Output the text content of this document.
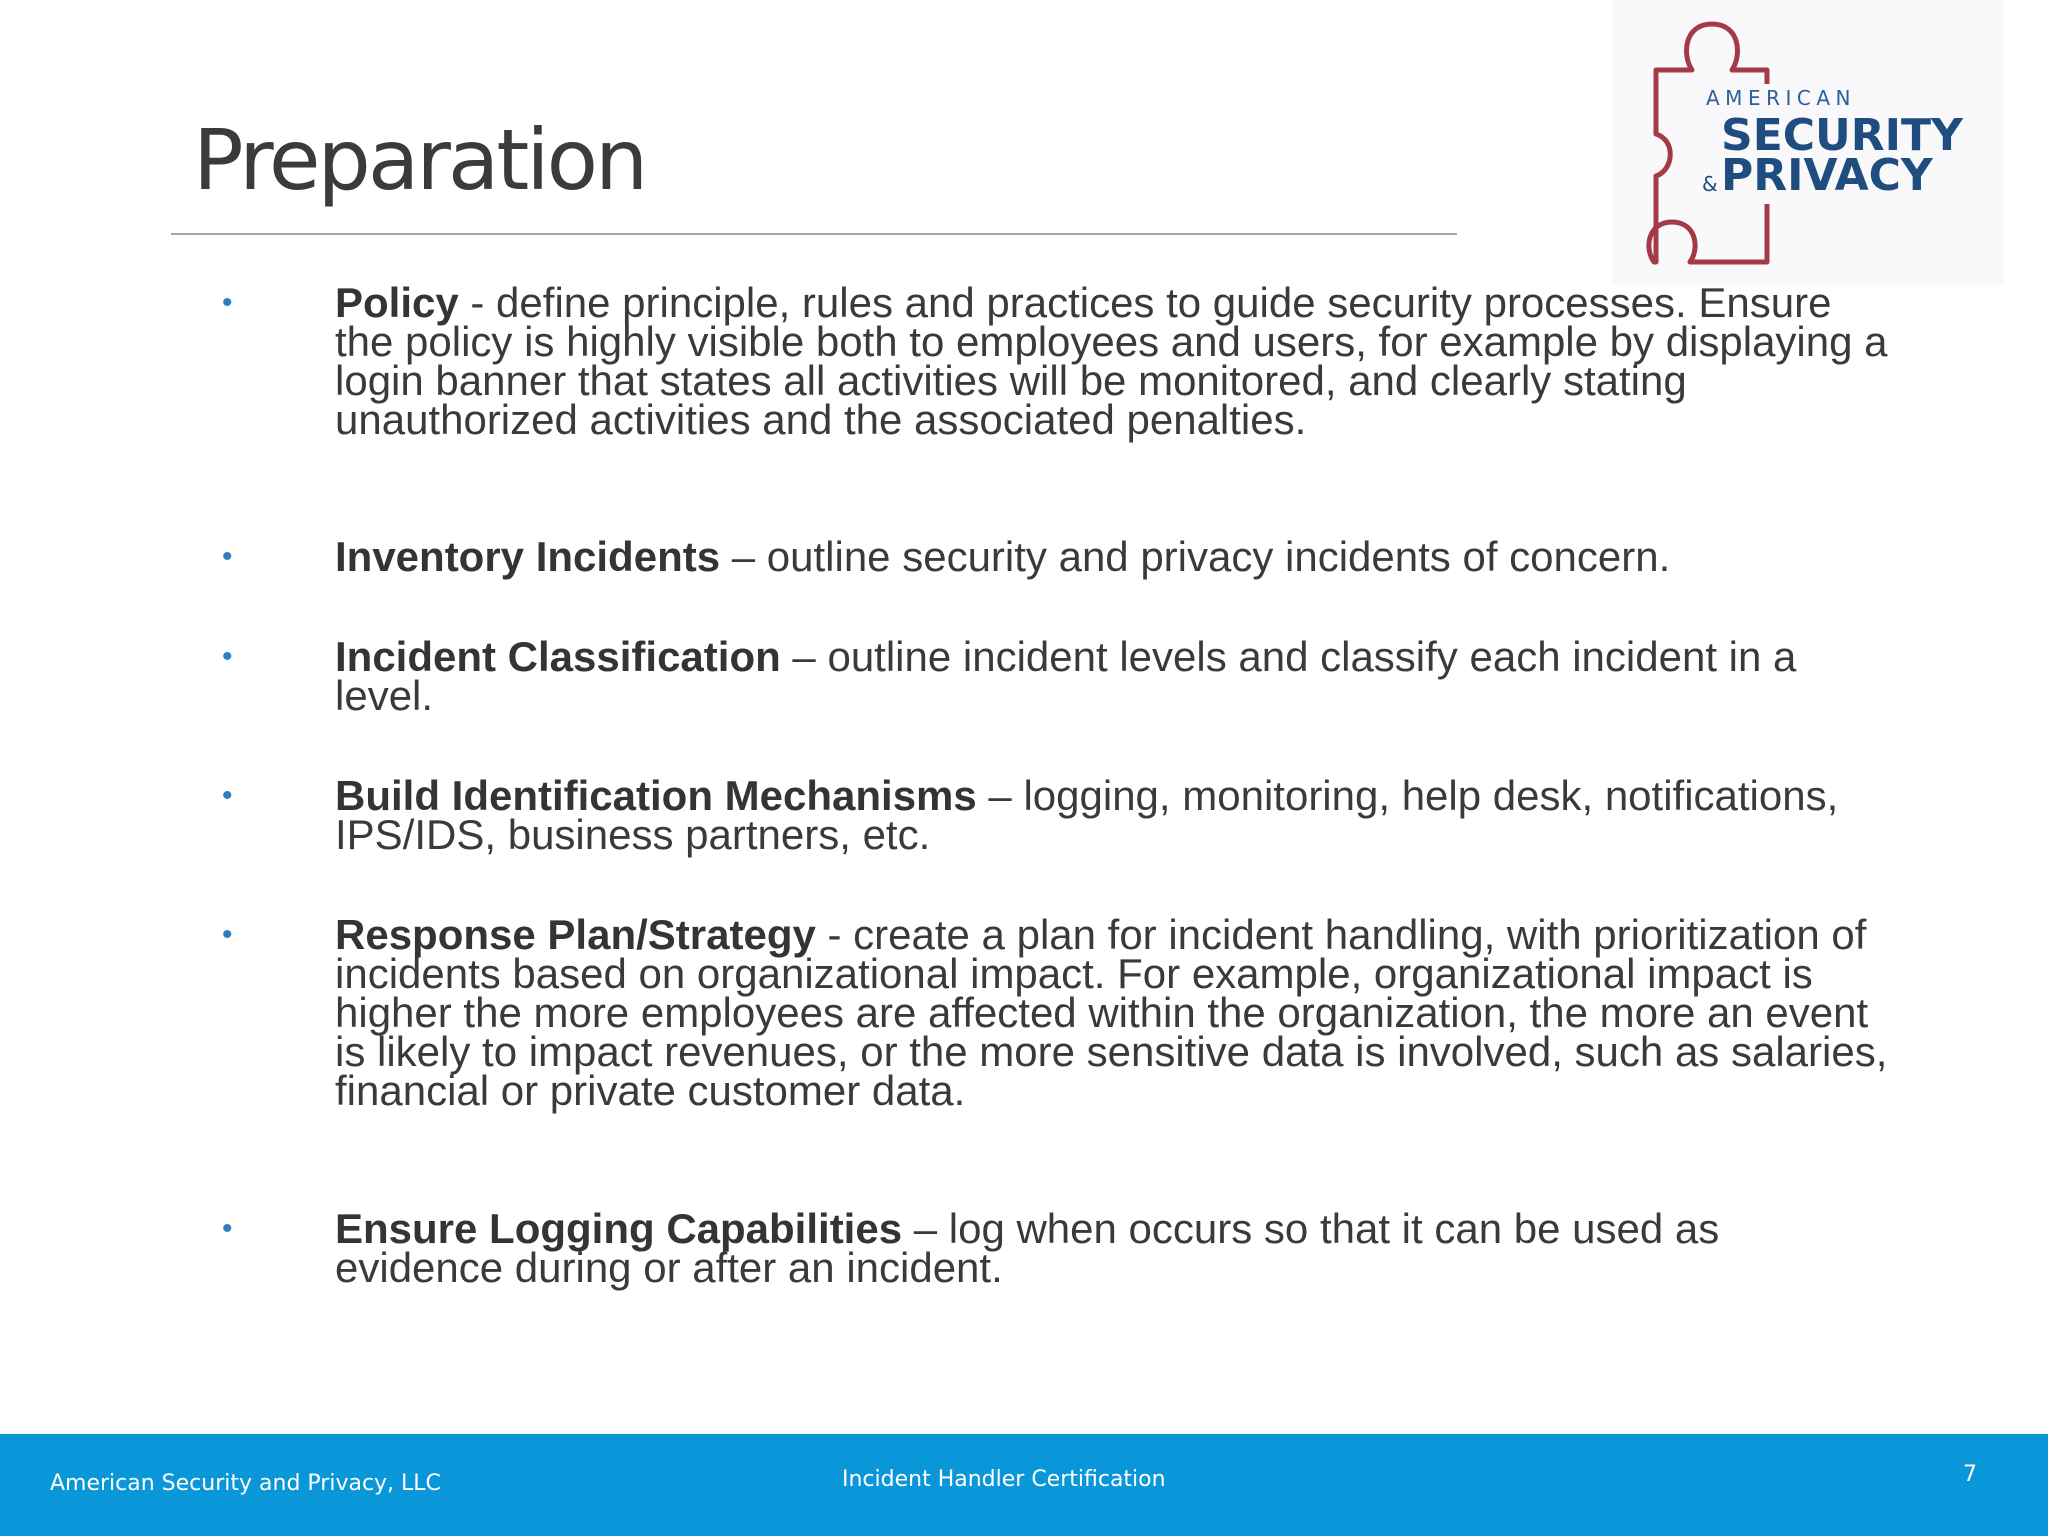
Preparation
AMERICAN
SECURITY
& PRIVACY
• Policy - define principle, rules and practices to guide security processes. Ensure the policy is highly visible both to employees and users, for example by displaying a login banner that states all activities will be monitored, and clearly stating unauthorized activities and the associated penalties.
• Inventory Incidents – outline security and privacy incidents of concern.
• Incident Classification – outline incident levels and classify each incident in a level.
• Build Identification Mechanisms – logging, monitoring, help desk, notifications, IPS/IDS, business partners, etc.
• Response Plan/Strategy - create a plan for incident handling, with prioritization of incidents based on organizational impact. For example, organizational impact is higher the more employees are affected within the organization, the more an event is likely to impact revenues, or the more sensitive data is involved, such as salaries, financial or private customer data.
• Ensure Logging Capabilities – log when occurs so that it can be used as evidence during or after an incident.
American Security and Privacy, LLC	Incident Handler Certification	7
